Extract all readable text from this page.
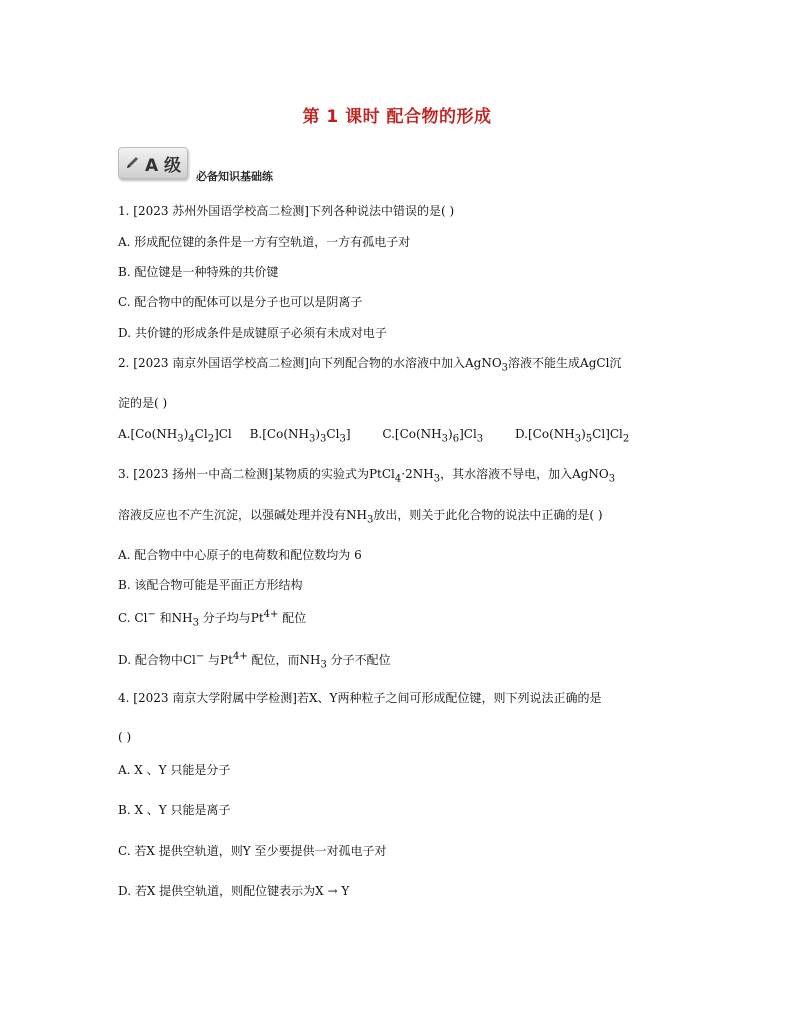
第 1 课时 配合物的形成
A 级
必备知识基础练
1. [2023 苏州外国语学校高二检测]下列各种说法中错误的是( )
A. 形成配位键的条件是一方有空轨道，一方有孤电子对
B. 配位键是一种特殊的共价键
C. 配合物中的配体可以是分子也可以是阴离子
D. 共价键的形成条件是成键原子必须有未成对电子
2. [2023 南京外国语学校高二检测]向下列配合物的水溶液中加入AgNO$_3$溶液不能生成AgCl沉
淀的是( )
$A.[Co(NH_3)_4Cl_2]Cl$ $B.[Co(NH_3)_3Cl_3]$	$C.[Co(NH_3)_6]Cl_3$	$D.[Co(NH_3)_5Cl]Cl_2$
3. [2023 扬州一中高二检测]某物质的实验式为$PtCl_4\cdot 2NH_3$，其水溶液不导电，加入AgNO$_3$
溶液反应也不产生沉淀，以强碱处理并没有$NH_3$放出，则关于此化合物的说法中正确的是( )
A. 配合物中中心原子的电荷数和配位数均为 6
B. 该配合物可能是平面正方形结构
C. Cl− 和$NH_3$ 分子均与$Pt^{4+}$ 配位
D. 配合物中Cl− 与$Pt^{4+}$ 配位，而$NH_3$ 分子不配位
4. [2023 南京大学附属中学检测]若X、Y两种粒子之间可形成配位键，则下列说法正确的是
( )
A. X 、Y 只能是分子
B. X 、Y 只能是离子
C. 若X 提供空轨道，则Y 至少要提供一对孤电子对
D. 若X 提供空轨道，则配位键表示为X → Y
